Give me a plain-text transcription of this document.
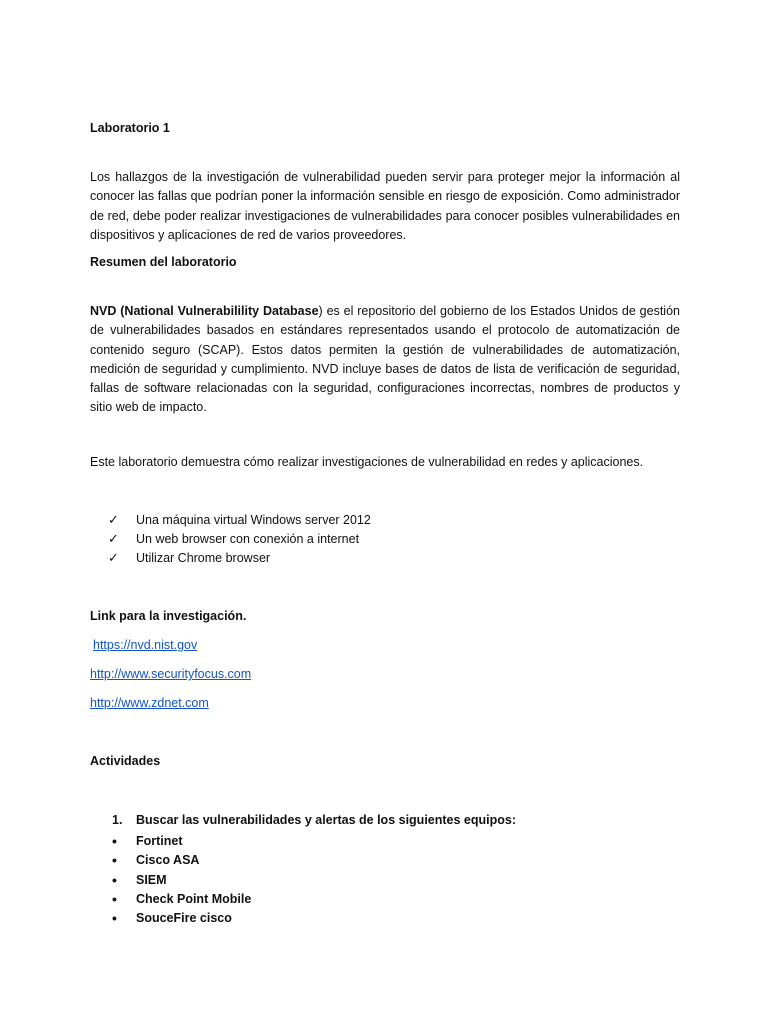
Laboratorio 1
Los hallazgos de la investigación de vulnerabilidad pueden servir para proteger mejor la información al conocer las fallas que podrían poner la información sensible en riesgo de exposición. Como administrador de red, debe poder realizar investigaciones de vulnerabilidades para conocer posibles vulnerabilidades en dispositivos y aplicaciones de red de varios proveedores.
Resumen del laboratorio
NVD (National Vulnerabilility Database) es el repositorio del gobierno de los Estados Unidos de gestión de vulnerabilidades basados en estándares representados usando el protocolo de automatización de contenido seguro (SCAP). Estos datos permiten la gestión de vulnerabilidades de automatización, medición de seguridad y cumplimiento. NVD incluye bases de datos de lista de verificación de seguridad, fallas de software relacionadas con la seguridad, configuraciones incorrectas, nombres de productos y sitio web de impacto.
Este laboratorio demuestra cómo realizar investigaciones de vulnerabilidad en redes y aplicaciones.
✓	Una máquina virtual Windows server 2012
✓	Un web browser con conexión a internet
✓	Utilizar Chrome browser
Link para la investigación.
https://nvd.nist.gov
http://www.securityfocus.com
http://www.zdnet.com
Actividades
1. Buscar las vulnerabilidades y alertas de los siguientes equipos:
•	Fortinet
•	Cisco ASA
•	SIEM
•	Check Point Mobile
•	SouceFire cisco
